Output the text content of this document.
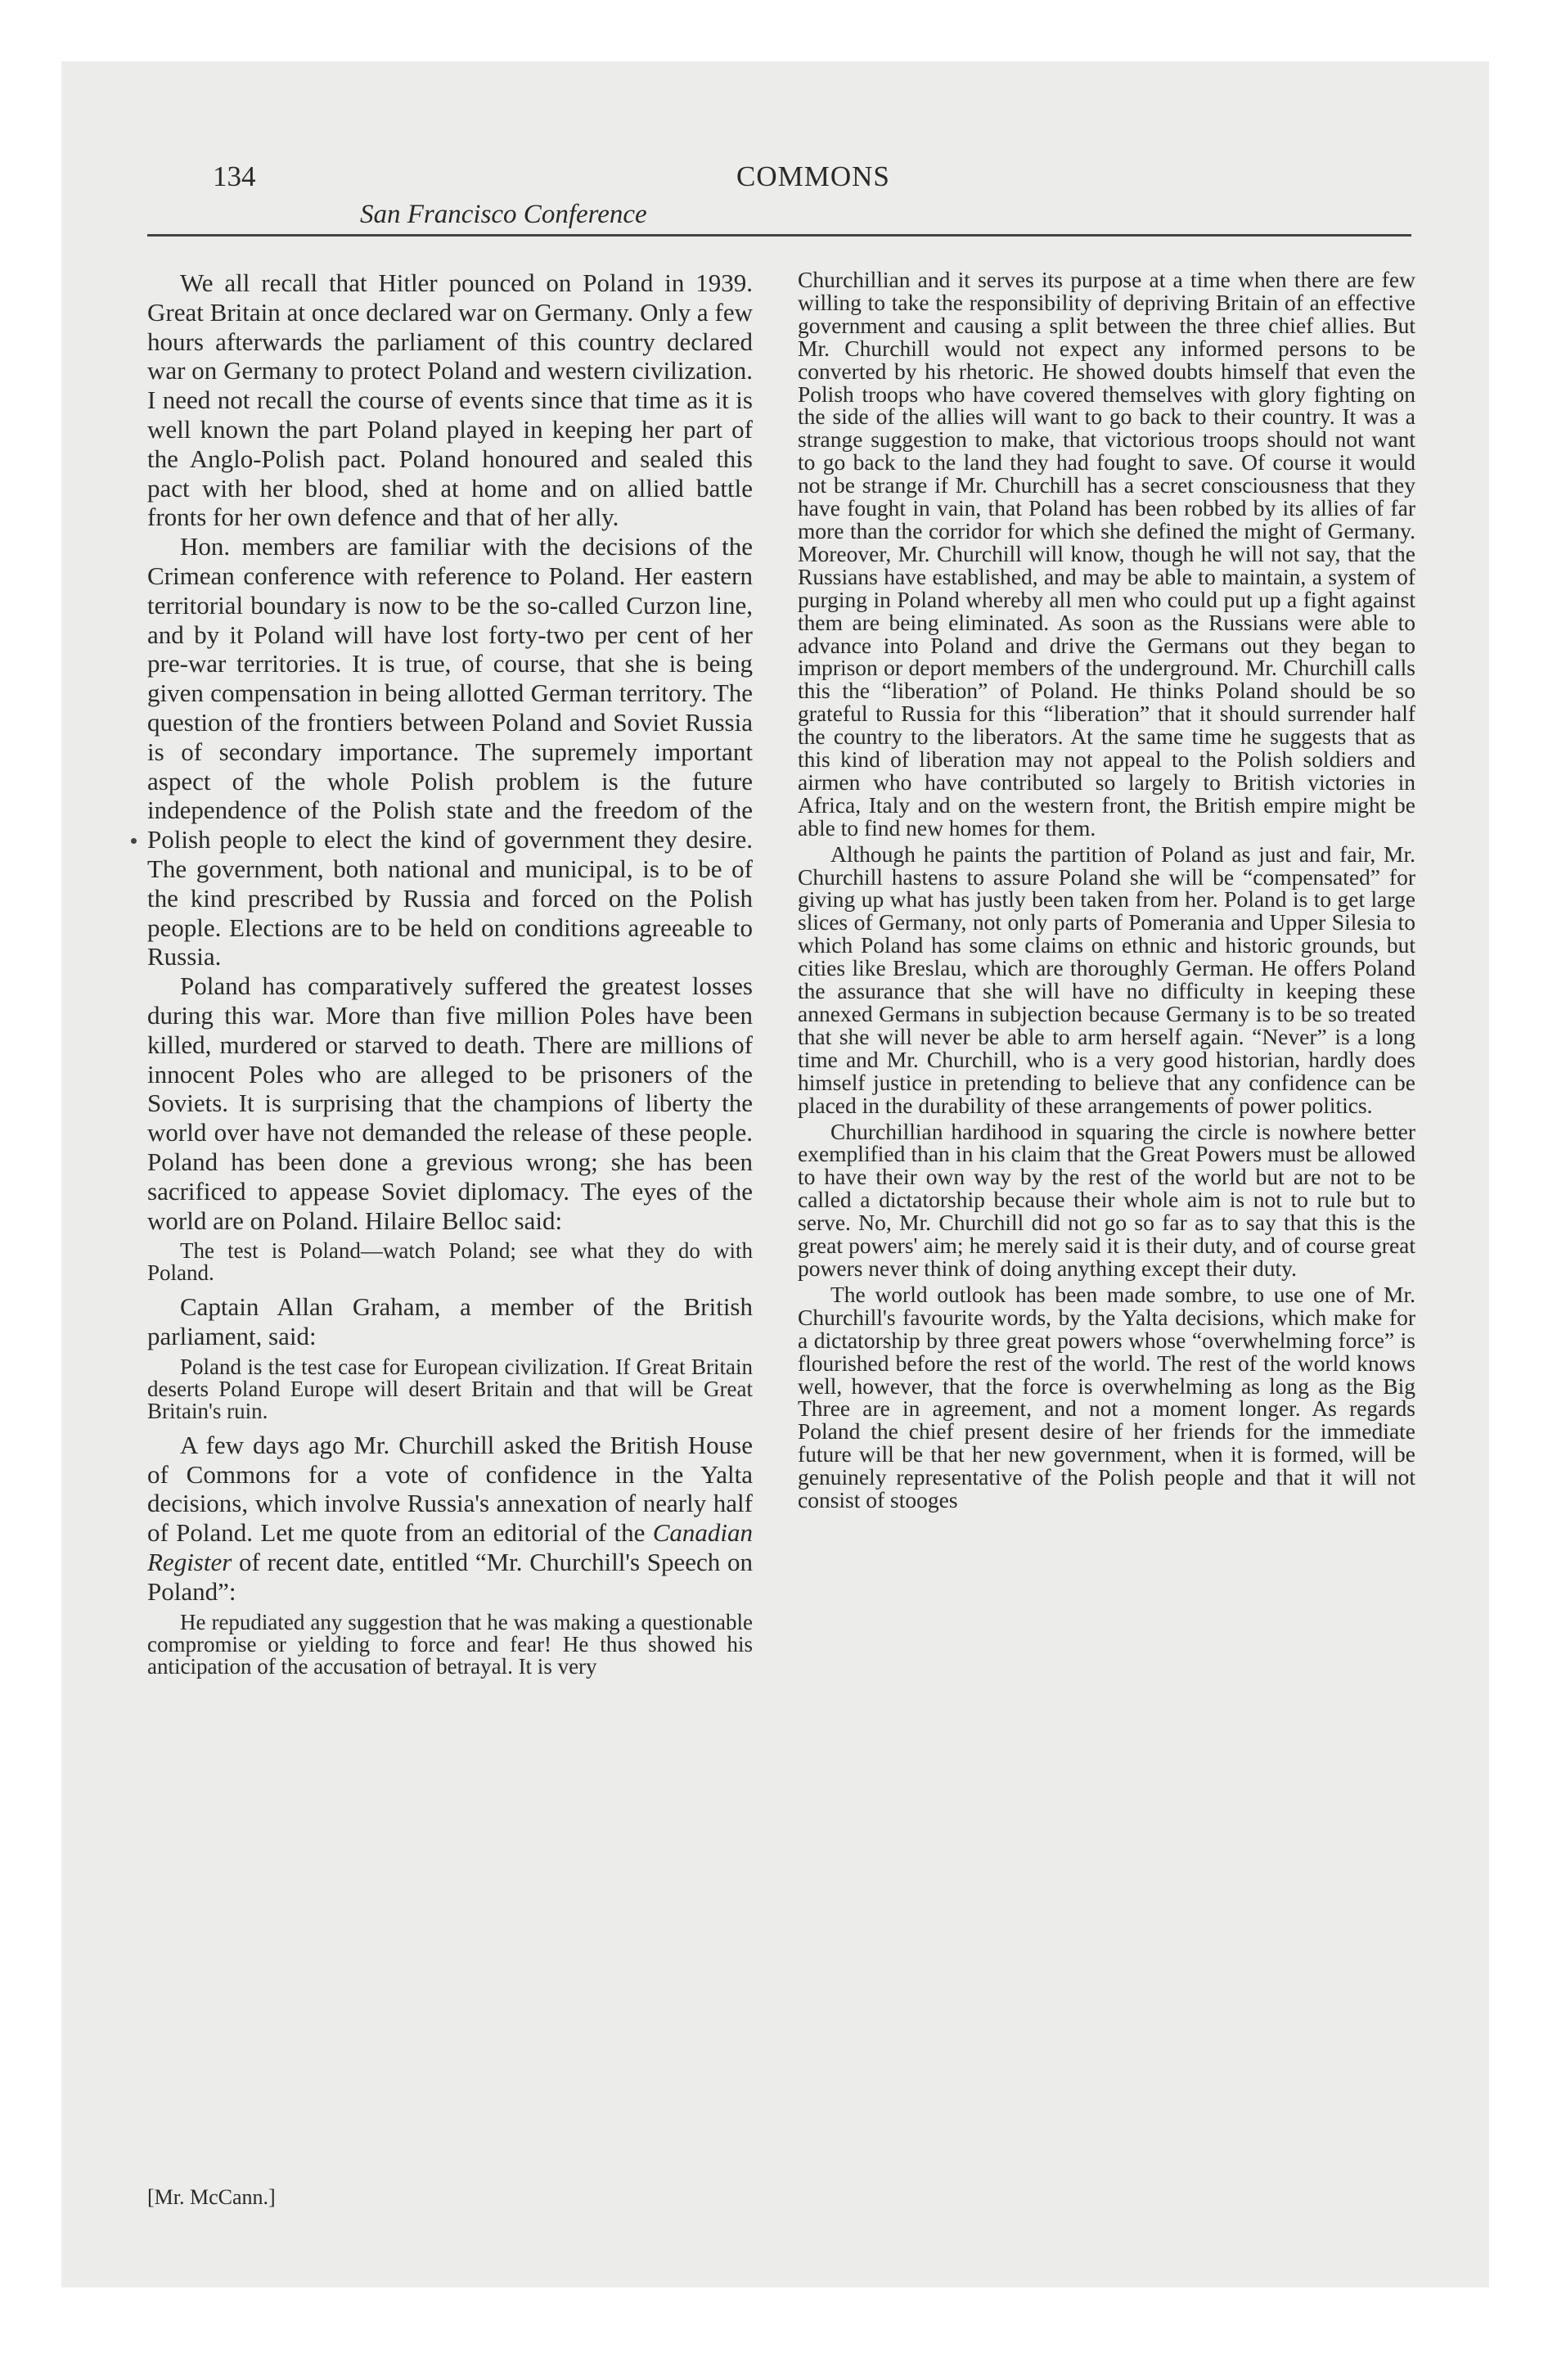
134	COMMONS
San Francisco Conference

We all recall that Hitler pounced on Poland in 1939. Great Britain at once declared war on Germany. Only a few hours afterwards the parliament of this country declared war on Germany to protect Poland and western civilization. I need not recall the course of events since that time as it is well known the part Poland played in keeping her part of the Anglo-Polish pact. Poland honoured and sealed this pact with her blood, shed at home and on allied battle fronts for her own defence and that of her ally.

Hon. members are familiar with the decisions of the Crimean conference with reference to Poland. Her eastern territorial boundary is now to be the so-called Curzon line, and by it Poland will have lost forty-two per cent of her pre-war territories. It is true, of course, that she is being given compensation in being allotted German territory. The question of the frontiers between Poland and Soviet Russia is of secondary importance. The supremely important aspect of the whole Polish problem is the future independence of the Polish state and the freedom of the Polish people to elect the kind of government they desire. The government, both national and municipal, is to be of the kind prescribed by Russia and forced on the Polish people. Elections are to be held on conditions agreeable to Russia.

Poland has comparatively suffered the greatest losses during this war. More than five million Poles have been killed, murdered or starved to death. There are millions of innocent Poles who are alleged to be prisoners of the Soviets. It is surprising that the champions of liberty the world over have not demanded the release of these people. Poland has been done a grevious wrong; she has been sacrificed to appease Soviet diplomacy. The eyes of the world are on Poland. Hilaire Belloc said:

The test is Poland—watch Poland; see what they do with Poland.

Captain Allan Graham, a member of the British parliament, said:

Poland is the test case for European civilization. If Great Britain deserts Poland Europe will desert Britain and that will be Great Britain's ruin.

A few days ago Mr. Churchill asked the British House of Commons for a vote of confidence in the Yalta decisions, which involve Russia's annexation of nearly half of Poland. Let me quote from an editorial of the Canadian Register of recent date, entitled “Mr. Churchill's Speech on Poland”:

He repudiated any suggestion that he was making a questionable compromise or yielding to force and fear! He thus showed his anticipation of the accusation of betrayal. It is very

Churchillian and it serves its purpose at a time when there are few willing to take the responsibility of depriving Britain of an effective government and causing a split between the three chief allies. But Mr. Churchill would not expect any informed persons to be converted by his rhetoric. He showed doubts himself that even the Polish troops who have covered themselves with glory fighting on the side of the allies will want to go back to their country. It was a strange suggestion to make, that victorious troops should not want to go back to the land they had fought to save. Of course it would not be strange if Mr. Churchill has a secret consciousness that they have fought in vain, that Poland has been robbed by its allies of far more than the corridor for which she defined the might of Germany. Moreover, Mr. Churchill will know, though he will not say, that the Russians have established, and may be able to maintain, a system of purging in Poland whereby all men who could put up a fight against them are being eliminated. As soon as the Russians were able to advance into Poland and drive the Germans out they began to imprison or deport members of the underground. Mr. Churchill calls this the “liberation” of Poland. He thinks Poland should be so grateful to Russia for this “liberation” that it should surrender half the country to the liberators. At the same time he suggests that as this kind of liberation may not appeal to the Polish soldiers and airmen who have contributed so largely to British victories in Africa, Italy and on the western front, the British empire might be able to find new homes for them.

Although he paints the partition of Poland as just and fair, Mr. Churchill hastens to assure Poland she will be “compensated” for giving up what has justly been taken from her. Poland is to get large slices of Germany, not only parts of Pomerania and Upper Silesia to which Poland has some claims on ethnic and historic grounds, but cities like Breslau, which are thoroughly German. He offers Poland the assurance that she will have no difficulty in keeping these annexed Germans in subjection because Germany is to be so treated that she will never be able to arm herself again. “Never” is a long time and Mr. Churchill, who is a very good historian, hardly does himself justice in pretending to believe that any confidence can be placed in the durability of these arrangements of power politics.

Churchillian hardihood in squaring the circle is nowhere better exemplified than in his claim that the Great Powers must be allowed to have their own way by the rest of the world but are not to be called a dictatorship because their whole aim is not to rule but to serve. No, Mr. Churchill did not go so far as to say that this is the great powers' aim; he merely said it is their duty, and of course great powers never think of doing anything except their duty.

The world outlook has been made sombre, to use one of Mr. Churchill's favourite words, by the Yalta decisions, which make for a dictatorship by three great powers whose “overwhelming force” is flourished before the rest of the world. The rest of the world knows well, however, that the force is overwhelming as long as the Big Three are in agreement, and not a moment longer. As regards Poland the chief present desire of her friends for the immediate future will be that her new government, when it is formed, will be genuinely representative of the Polish people and that it will not consist of stooges

[Mr. McCann.]
